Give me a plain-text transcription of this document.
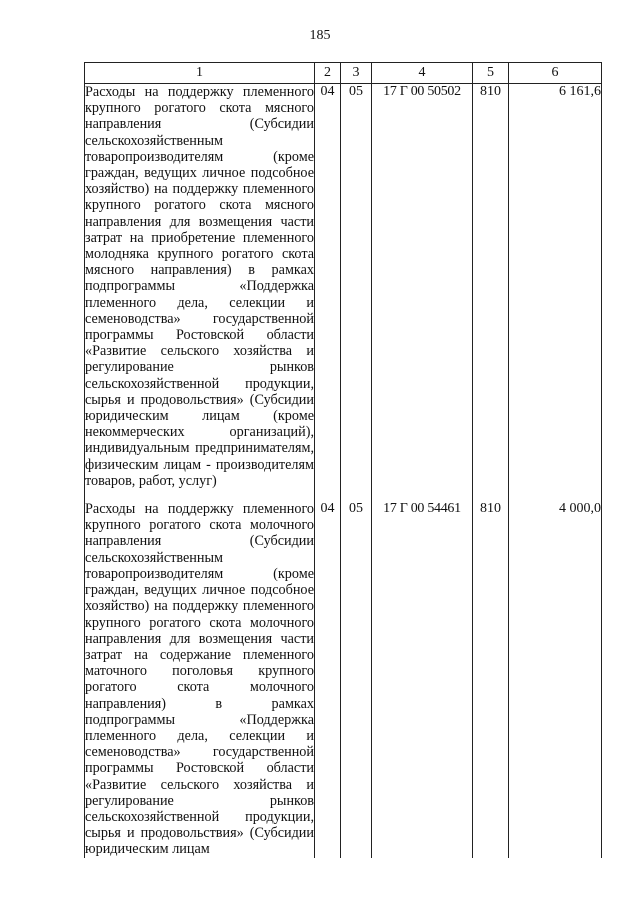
185
1	2	3	4	5	6
Расходы на поддержку племенного крупного рогатого скота мясного направления (Субсидии сельскохозяйственным товаропроизводителям (кроме граждан, ведущих личное подсобное хозяйство) на поддержку племенного крупного рогатого скота мясного направления для возмещения части затрат на приобретение племенного молодняка крупного рогатого скота мясного направления) в рамках подпрограммы «Поддержка племенного дела, селекции и семеноводства» государственной программы Ростовской области «Развитие сельского хозяйства и регулирование рынков сельскохозяйственной продукции, сырья и продовольствия» (Субсидии юридическим лицам (кроме некоммерческих организаций), индивидуальным предпринимателям, физическим лицам - производителям товаров, работ, услуг)	04	05	17 Г 00 50502	810	6 161,6
Расходы на поддержку племенного крупного рогатого скота молочного направления (Субсидии сельскохозяйственным товаропроизводителям (кроме граждан, ведущих личное подсобное хозяйство) на поддержку племенного крупного рогатого скота молочного направления для возмещения части затрат на содержание племенного маточного поголовья крупного рогатого скота молочного направления) в рамках подпрограммы «Поддержка племенного дела, селекции и семеноводства» государственной программы Ростовской области «Развитие сельского хозяйства и регулирование рынков сельскохозяйственной продукции, сырья и продовольствия» (Субсидии юридическим лицам	04	05	17 Г 00 54461	810	4 000,0
